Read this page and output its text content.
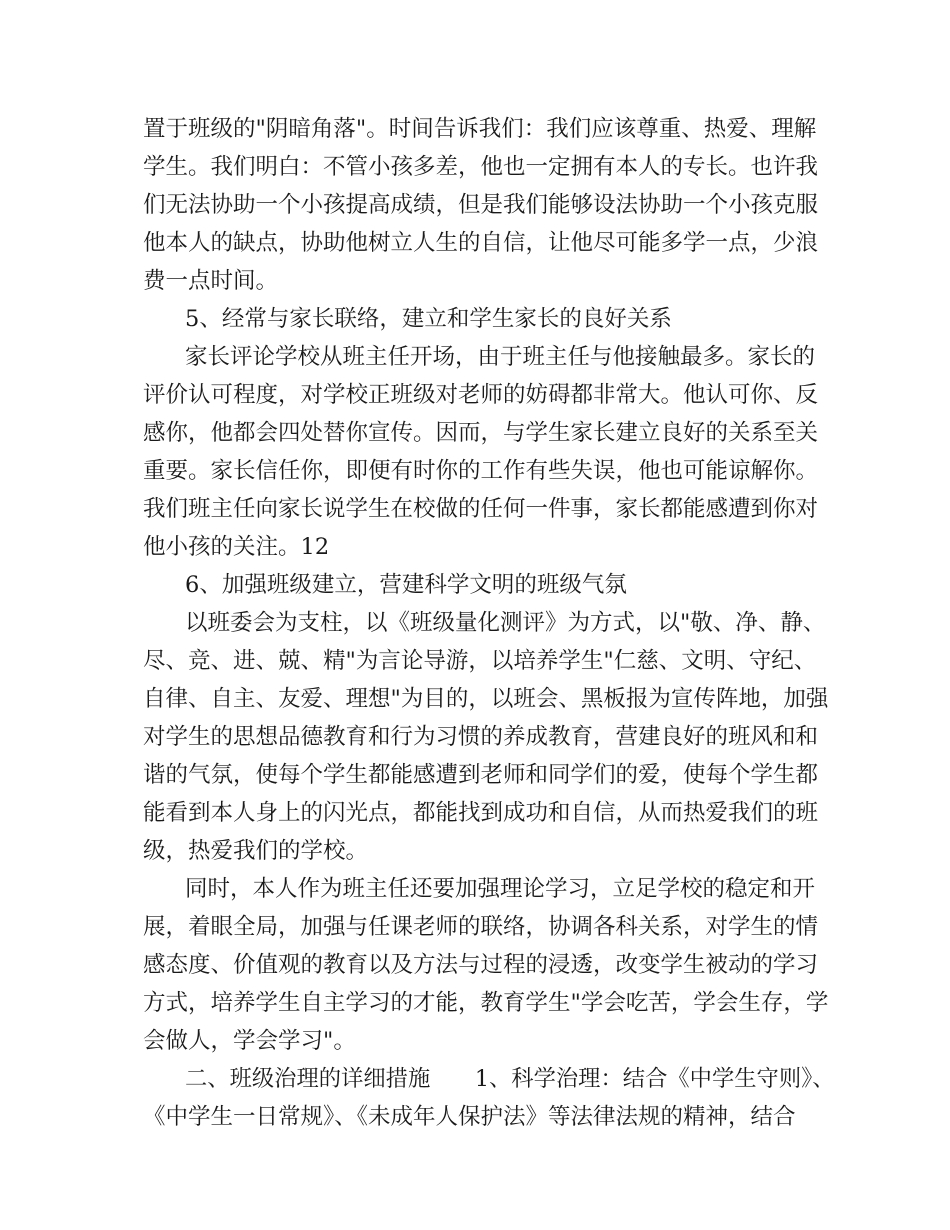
置于班级的"阴暗角落"。时间告诉我们：我们应该尊重、热爱、理解
学生。我们明白：不管小孩多差，他也一定拥有本人的专长。也许我
们无法协助一个小孩提高成绩，但是我们能够设法协助一个小孩克服
他本人的缺点，协助他树立人生的自信，让他尽可能多学一点，少浪
费一点时间。
5、经常与家长联络，建立和学生家长的良好关系
家长评论学校从班主任开场，由于班主任与他接触最多。家长的
评价认可程度，对学校正班级对老师的妨碍都非常大。他认可你、反
感你，他都会四处替你宣传。因而，与学生家长建立良好的关系至关
重要。家长信任你，即便有时你的工作有些失误，他也可能谅解你。
我们班主任向家长说学生在校做的任何一件事，家长都能感遭到你对
他小孩的关注。12
6、加强班级建立，营建科学文明的班级气氛
以班委会为支柱，以《班级量化测评》为方式，以"敬、净、静、
尽、竞、进、兢、精"为言论导游，以培养学生"仁慈、文明、守纪、
自律、自主、友爱、理想"为目的，以班会、黑板报为宣传阵地，加强
对学生的思想品德教育和行为习惯的养成教育，营建良好的班风和和
谐的气氛，使每个学生都能感遭到老师和同学们的爱，使每个学生都
能看到本人身上的闪光点，都能找到成功和自信，从而热爱我们的班
级，热爱我们的学校。
同时，本人作为班主任还要加强理论学习，立足学校的稳定和开
展，着眼全局，加强与任课老师的联络，协调各科关系，对学生的情
感态度、价值观的教育以及方法与过程的浸透，改变学生被动的学习
方式，培养学生自主学习的才能，教育学生"学会吃苦，学会生存，学
会做人，学会学习"。
二、班级治理的详细措施　　1、科学治理：结合《中学生守则》、
《中学生一日常规》、《未成年人保护法》等法律法规的精神，结合
